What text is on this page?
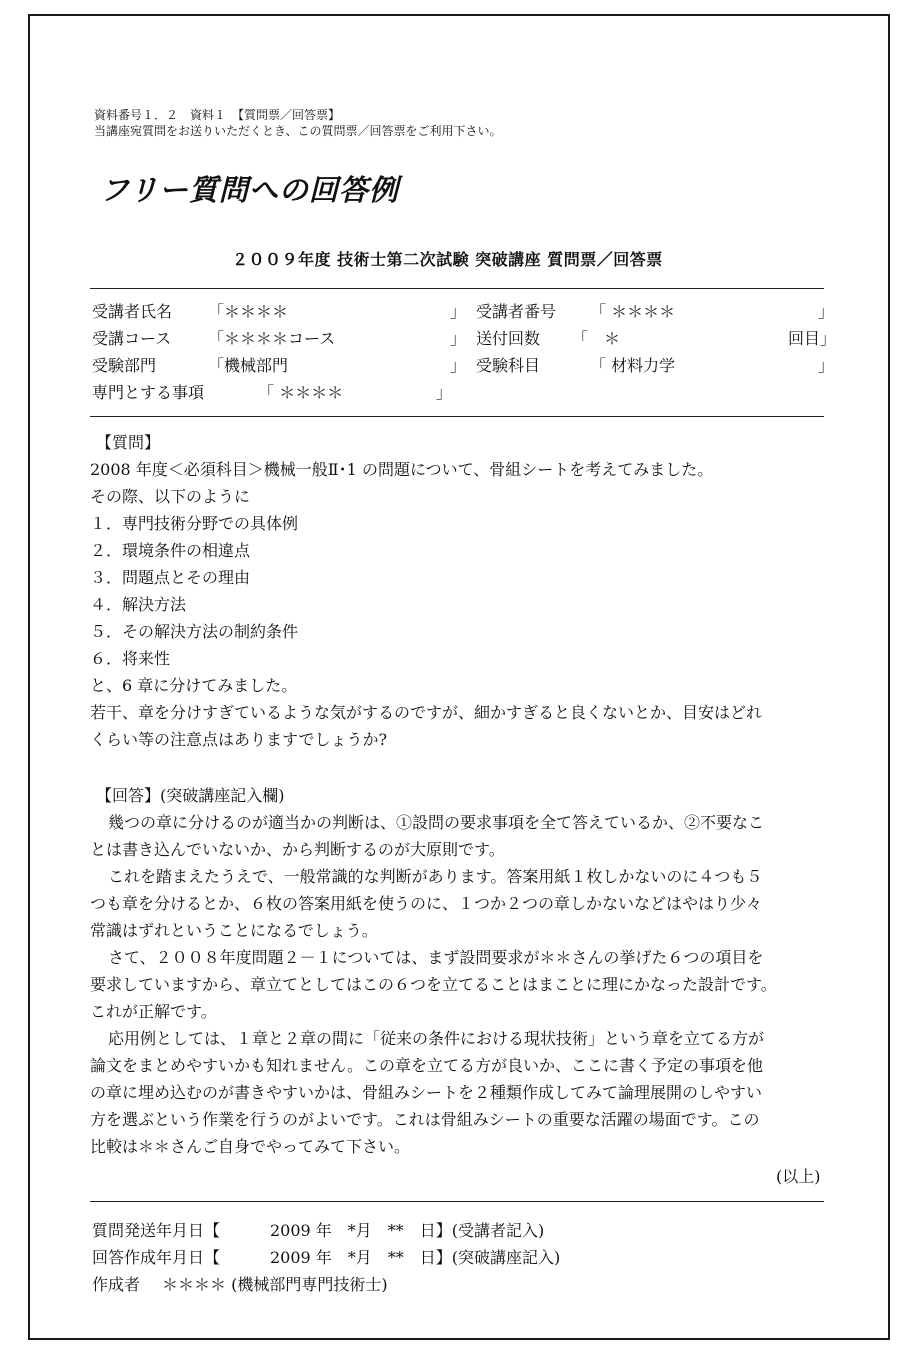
資料番号１．２　資料１　【質問票／回答票】
当講座宛質問をお送りいただくとき、この質問票／回答票をご利用下さい。
フリー質問への回答例
２００９年度 技術士第二次試験 突破講座 質問票／回答票
受講者氏名 「＊＊＊＊	」 受講者番号 「 ＊＊＊＊	」
受講コース 「＊＊＊＊コース	」 送付回数 「　＊	回目」
受験部門	「機械部門	」 受験科目	「 材料力学	」
専門とする事項	「 ＊＊＊＊	」
【質問】
2008 年度＜必須科目＞機械一般Ⅱ･1 の問題について、骨組シートを考えてみました。
その際、以下のように
１．専門技術分野での具体例
２．環境条件の相違点
３．問題点とその理由
４．解決方法
５．その解決方法の制約条件
６．将来性
と、6 章に分けてみました。
若干、章を分けすぎているような気がするのですが、細かすぎると良くないとか、目安はどれ
くらい等の注意点はありますでしょうか?
【回答】(突破講座記入欄)
幾つの章に分けるのが適当かの判断は、①設問の要求事項を全て答えているか、②不要なこ
とは書き込んでいないか、から判断するのが大原則です。
これを踏まえたうえで、一般常識的な判断があります。答案用紙１枚しかないのに４つも５
つも章を分けるとか、６枚の答案用紙を使うのに、１つか２つの章しかないなどはやはり少々
常識はずれということになるでしょう。
さて、２００８年度問題２－１については、まず設問要求が＊＊さんの挙げた６つの項目を
要求していますから、章立てとしてはこの６つを立てることはまことに理にかなった設計です。
これが正解です。
応用例としては、１章と２章の間に「従来の条件における現状技術」という章を立てる方が
論文をまとめやすいかも知れません。この章を立てる方が良いか、ここに書く予定の事項を他
の章に埋め込むのが書きやすいかは、骨組みシートを２種類作成してみて論理展開のしやすい
方を選ぶという作業を行うのがよいです。これは骨組みシートの重要な活躍の場面です。この
比較は＊＊さんご自身でやってみて下さい。
(以上)
質問発送年月日【	2009 年　*月　**　日】(受講者記入)
回答作成年月日【	2009 年　*月　**　日】(突破講座記入)
作成者 ＊＊＊＊ (機械部門専門技術士)
